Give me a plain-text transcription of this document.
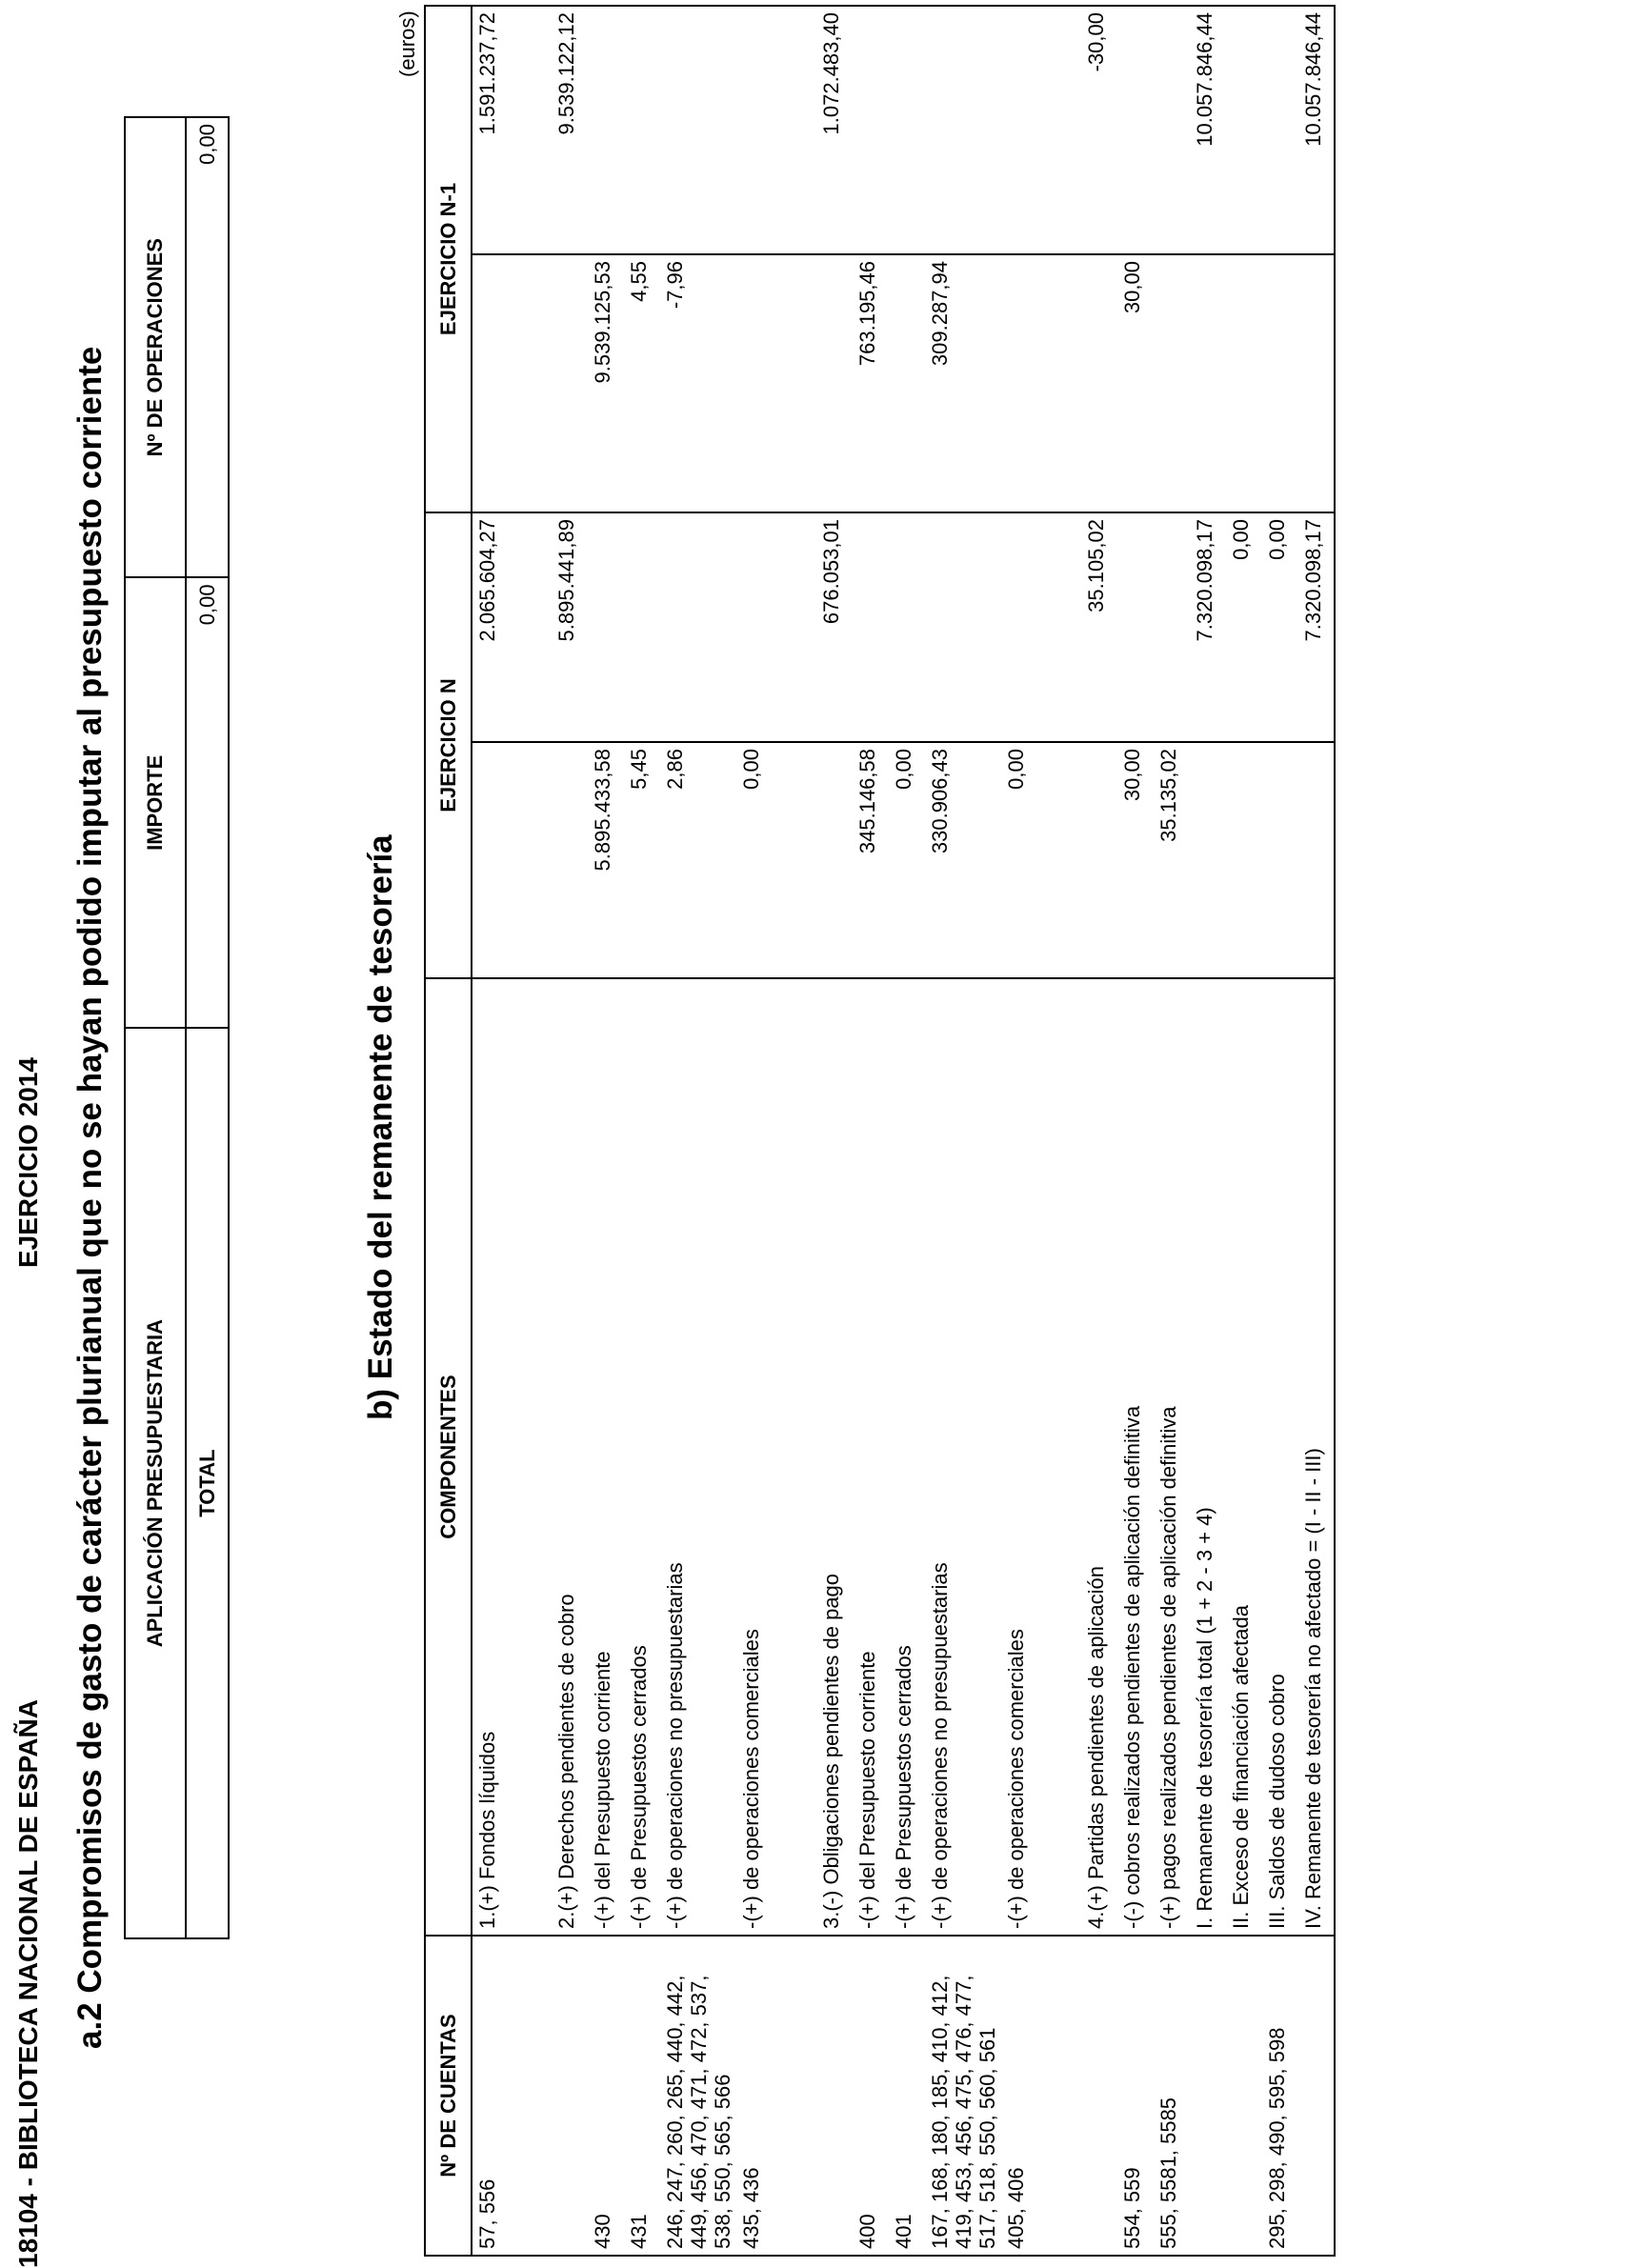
18104 - BIBLIOTECA NACIONAL DE ESPAÑA
EJERCICIO 2014 a.2 Compromisos de gasto de carácter plurianual que no se hayan podido imputar al presupuesto corriente APLICACIÓN PRESUPUESTARIA	IMPORTE	Nº DE OPERACIONES
TOTAL	0,00	0,00
b) Estado del remanente de tesorería
(euros)
Nº DE CUENTAS	COMPONENTES	EJERCICIO N		EJERCICIO N-1	
57, 556	1.(+) Fondos líquidos		2.065.604,27		1.591.237,72

	2.(+) Derechos pendientes de cobro		5.895.441,89		9.539.122,12
430	-(+) del Presupuesto corriente	5.895.433,58		9.539.125,53	
431	-(+) de Presupuestos cerrados	5,45		4,55	
246, 247, 260, 265, 440, 442, 449, 456, 470, 471, 472, 537, 538, 550, 565, 566	-(+) de operaciones no presupuestarias	2,86		-7,96	
435, 436	-(+) de operaciones comerciales	0,00			

	3.(-) Obligaciones pendientes de pago		676.053,01		1.072.483,40
400	-(+) del Presupuesto corriente	345.146,58		763.195,46	
401	-(+) de Presupuestos cerrados	0,00			
167, 168, 180, 185, 410, 412, 419, 453, 456, 475, 476, 477, 517, 518, 550, 560, 561	-(+) de operaciones no presupuestarias	330.906,43		309.287,94	
405, 406	-(+) de operaciones comerciales	0,00			

	4.(+) Partidas pendientes de aplicación		35.105,02		-30,00
554, 559	-(-) cobros realizados pendientes de aplicación definitiva	30,00		30,00	
555, 5581, 5585	-(+) pagos realizados pendientes de aplicación definitiva	35.135,02			
	I. Remanente de tesorería total (1 + 2 - 3 + 4)		7.320.098,17		10.057.846,44
	II. Exceso de financiación afectada		0,00		
295, 298, 490, 595, 598	III. Saldos de dudoso cobro		0,00		
	IV. Remanente de tesorería no afectado = (I - II - III)		7.320.098,17		10.057.846,44
